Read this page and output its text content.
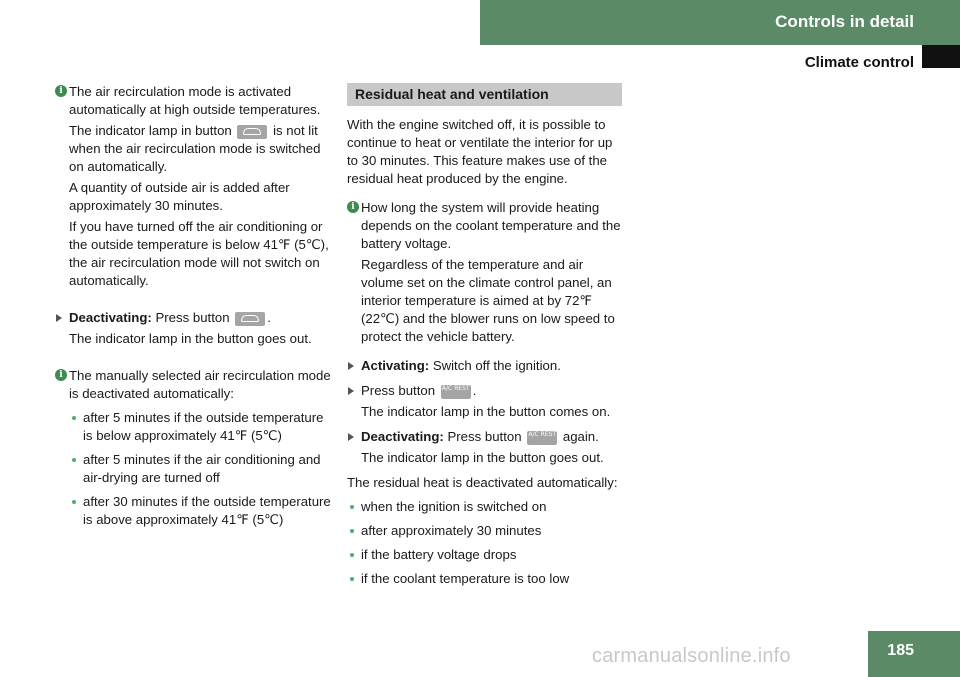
Controls in detail
Climate control
i The air recirculation mode is activated automatically at high outside temperatures.

The indicator lamp in button	is not lit when the air recirculation mode is switched on automatically.

A quantity of outside air is added after approximately 30 minutes.

If you have turned off the air conditioning or the outside temperature is below 41℉ (5℃), the air recirculation mode will not switch on automatically.

Deactivating: Press button	.

The indicator lamp in the button goes out.

i The manually selected air recirculation mode is deactivated automatically:

after 5 minutes if the outside temperature is below approximately 41℉ (5℃)
after 5 minutes if the air conditioning and air-drying are turned off
after 30 minutes if the outside temperature is above approximately 41℉ (5℃)
Residual heat and ventilation

With the engine switched off, it is possible to continue to heat or ventilate the interior for up to 30 minutes. This feature makes use of the residual heat produced by the engine.

i How long the system will provide heating depends on the coolant temperature and the battery voltage.

Regardless of the temperature and air volume set on the climate control panel, an interior temperature is aimed at by 72℉ (22℃) and the blower runs on low speed to protect the vehicle battery.

Activating: Switch off the ignition.
Press button A/C REST .

The indicator lamp in the button comes on.

Deactivating: Press button A/C REST again.

The indicator lamp in the button goes out.

The residual heat is deactivated automatically:

when the ignition is switched on
after approximately 30 minutes
if the battery voltage drops
if the coolant temperature is too low
185
carmanualsonline.info
